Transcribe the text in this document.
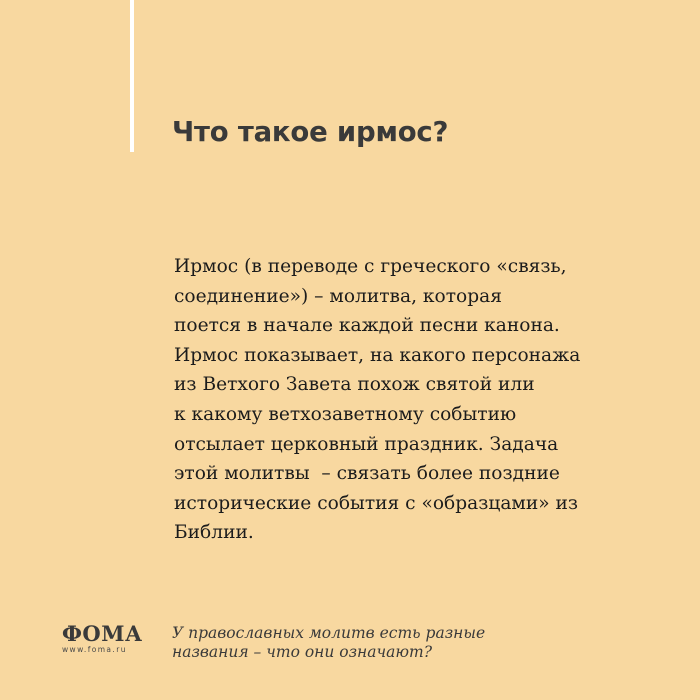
Что такое ирмос?

Ирмос (в переводе с греческого «связь,
соединение») – молитва, которая
поется в начале каждой песни канона.
Ирмос показывает, на какого персонажа
из Ветхого Завета похож святой или
к какому ветхозаветному событию
отсылает церковный праздник. Задача
этой молитвы  – связать более поздние
исторические события с «образцами» из
Библии.

ФОМА
www.foma.ru

У православных молитв есть разные
названия – что они означают?
